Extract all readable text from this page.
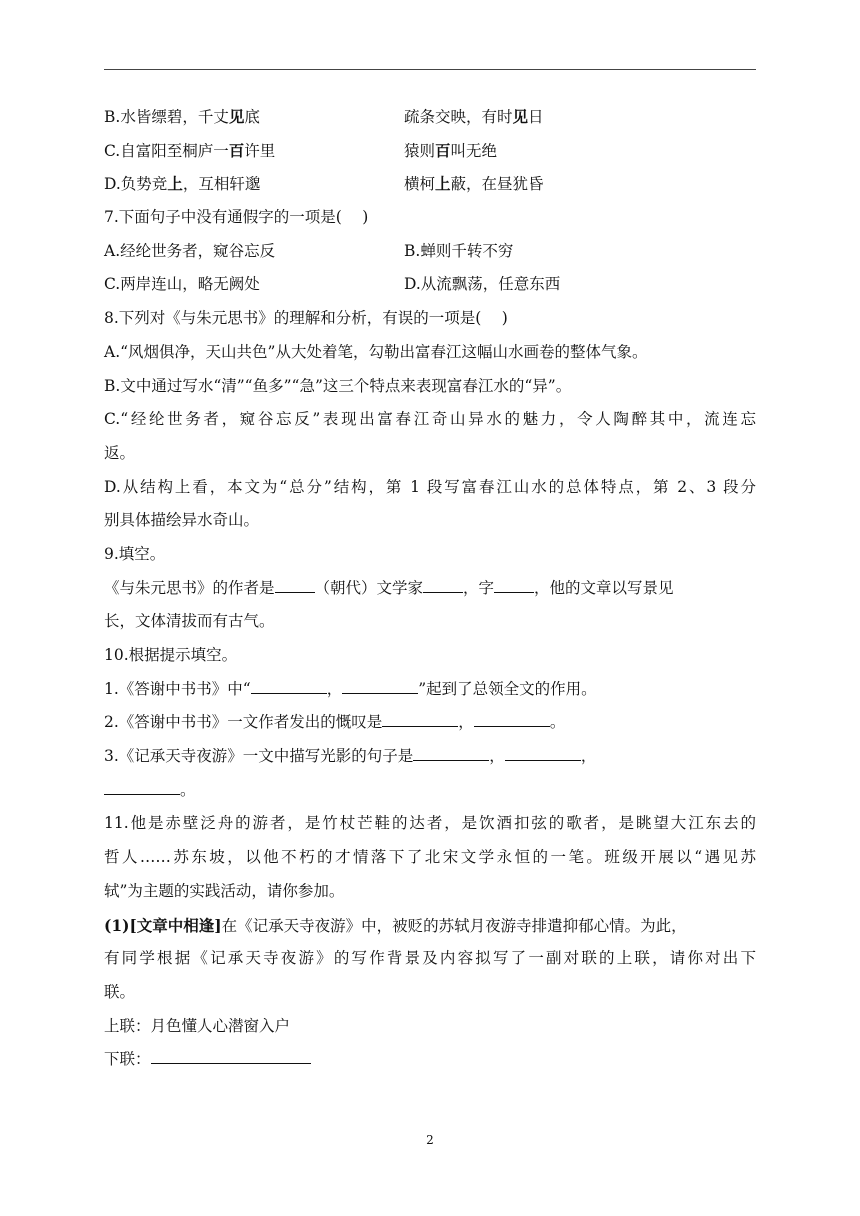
B.水皆缥碧，千丈见底	疏条交映，有时见日
C.自富阳至桐庐一百许里	猿则百叫无绝
D.负势竞上，互相轩邈	横柯上蔽，在昼犹昏
7.下面句子中没有通假字的一项是(　 )
A.经纶世务者，窥谷忘反	B.蝉则千转不穷
C.两岸连山，略无阙处	D.从流飘荡，任意东西
8.下列对《与朱元思书》的理解和分析，有误的一项是(　 )
A.“风烟俱净，天山共色”从大处着笔，勾勒出富春江这幅山水画卷的整体气象。
B.文中通过写水“清”“鱼多”“急”这三个特点来表现富春江水的“异”。
C.“经纶世务者，窥谷忘反”表现出富春江奇山异水的魅力，令人陶醉其中，流连忘
返。
D.从结构上看，本文为“总分”结构，第 1 段写富春江山水的总体特点，第 2、3 段分
别具体描绘异水奇山。
9.填空。
《与朱元思书》的作者是	（朝代）文学家	，字	，他的文章以写景见
长，文体清拔而有古气。
10.根据提示填空。
1.《答谢中书书》中“	，	”起到了总领全文的作用。
2.《答谢中书书》一文作者发出的慨叹是	，	。
3.《记承天寺夜游》一文中描写光影的句子是	，	，
。
11.他是赤壁泛舟的游者，是竹杖芒鞋的达者，是饮酒扣弦的歌者，是眺望大江东去的
哲人……苏东坡，以他不朽的才情落下了北宋文学永恒的一笔。班级开展以“遇见苏
轼”为主题的实践活动，请你参加。
(1)[文章中相逢]在《记承天寺夜游》中，被贬的苏轼月夜游寺排遣抑郁心情。为此，
有同学根据《记承天寺夜游》的写作背景及内容拟写了一副对联的上联，请你对出下
联。
上联：月色懂人心潜窗入户
下联：
2
